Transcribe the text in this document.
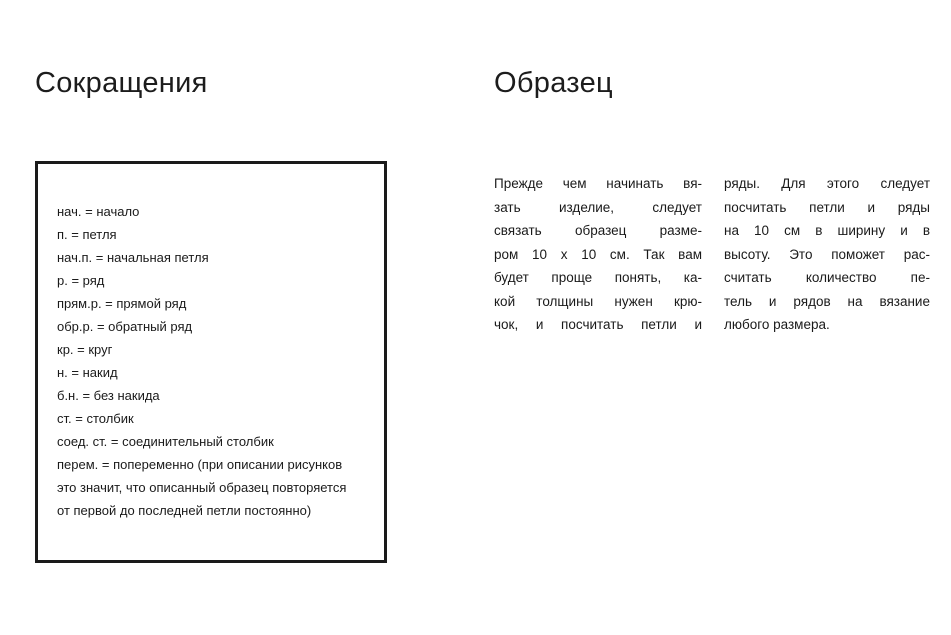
Сокращения	Образец
нач. = начало
п. = петля
нач.п. = начальная петля
р. = ряд
прям.р. = прямой ряд
обр.р. = обратный ряд
кр. = круг
н. = накид
б.н. = без накида
ст. = столбик
соед. ст. = соединительный столбик
перем. = попеременно (при описании рисунков это значит, что описанный образец повторяется от первой до последней петли постоянно)

Прежде чем начинать вя-
зать изделие, следует
связать образец разме-
ром 10 х 10 см. Так вам
будет проще понять, ка-
кой толщины нужен крю-
чок, и посчитать петли и

ряды. Для этого следует
посчитать петли и ряды
на 10 см в ширину и в
высоту. Это поможет рас-
считать количество пе-
тель и рядов на вязание
любого размера.
